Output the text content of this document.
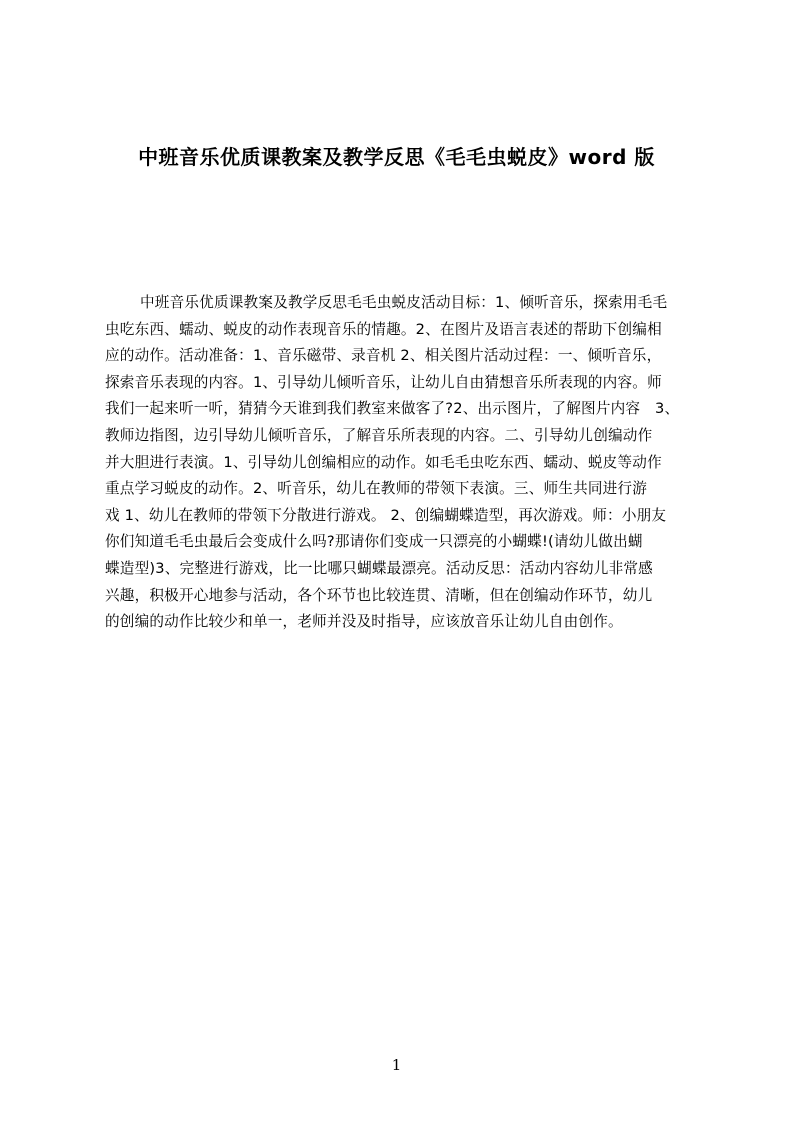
中班音乐优质课教案及教学反思《毛毛虫蜕皮》word 版
中班音乐优质课教案及教学反思毛毛虫蜕皮活动目标：1、倾听音乐，探索用毛毛
虫吃东西、蠕动、蜕皮的动作表现音乐的情趣。2、在图片及语言表述的帮助下创编相
应的动作。活动准备：1、音乐磁带、录音机 2、相关图片活动过程：一、倾听音乐，
探索音乐表现的内容。1、引导幼儿倾听音乐，让幼儿自由猜想音乐所表现的内容。师
我们一起来听一听，猜猜今天谁到我们教室来做客了?2、出示图片，了解图片内容　3、
教师边指图，边引导幼儿倾听音乐，了解音乐所表现的内容。二、引导幼儿创编动作
并大胆进行表演。1、引导幼儿创编相应的动作。如毛毛虫吃东西、蠕动、蜕皮等动作
重点学习蜕皮的动作。2、听音乐，幼儿在教师的带领下表演。三、师生共同进行游
戏 1、幼儿在教师的带领下分散进行游戏。 2、创编蝴蝶造型，再次游戏。师：小朋友
你们知道毛毛虫最后会变成什么吗?那请你们变成一只漂亮的小蝴蝶!(请幼儿做出蝴
蝶造型)3、完整进行游戏，比一比哪只蝴蝶最漂亮。活动反思：活动内容幼儿非常感
兴趣，积极开心地参与活动，各个环节也比较连贯、清晰，但在创编动作环节，幼儿
的创编的动作比较少和单一，老师并没及时指导，应该放音乐让幼儿自由创作。
1
